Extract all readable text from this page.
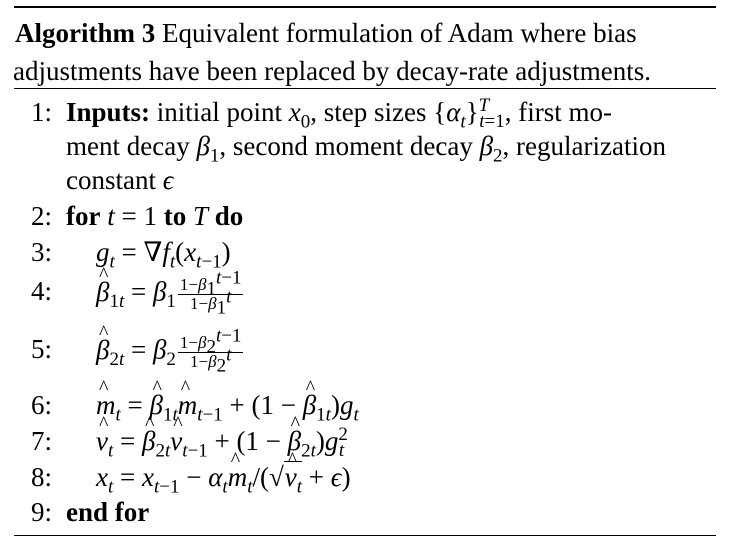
Algorithm 3 Equivalent formulation of Adam where bias
adjustments have been replaced by decay-rate adjustments.
1: Inputs: initial point $x_0$, step sizes $\{\alpha_t\}^T_{t=1}$, first mo-
ment decay $\beta_1$, second moment decay $\beta_2$, regularization
constant ϵ
2: for t = 1 to T do
3: $g_t = \nabla f_t(x_{t-1})$
4: ^ $\beta_{1t} = \beta_1 \frac{1-\beta_1^{t-1}}{1-\beta_1^t}$
5: ^ $\beta_{2t} = \beta_2 \frac{1-\beta_2^{t-1}}{1-\beta_2^t}$
6: ^ $m_t$ = ^ $\beta_{1t}\^{}$ $m_{t-1} + (1$ − ^ $\beta_{1t})g_t$
7: ^ $v_t$ = ^ $\beta_{2t}\^{}$ $v_{t-1} + (1$ − ^ $\beta_{2t})g^2_t$
8: $x_t = x_{t-1}$ − $\alpha_t\^{}$ $m_t/(√\^{}$ $v_t + \epsilon$)
9: end for
